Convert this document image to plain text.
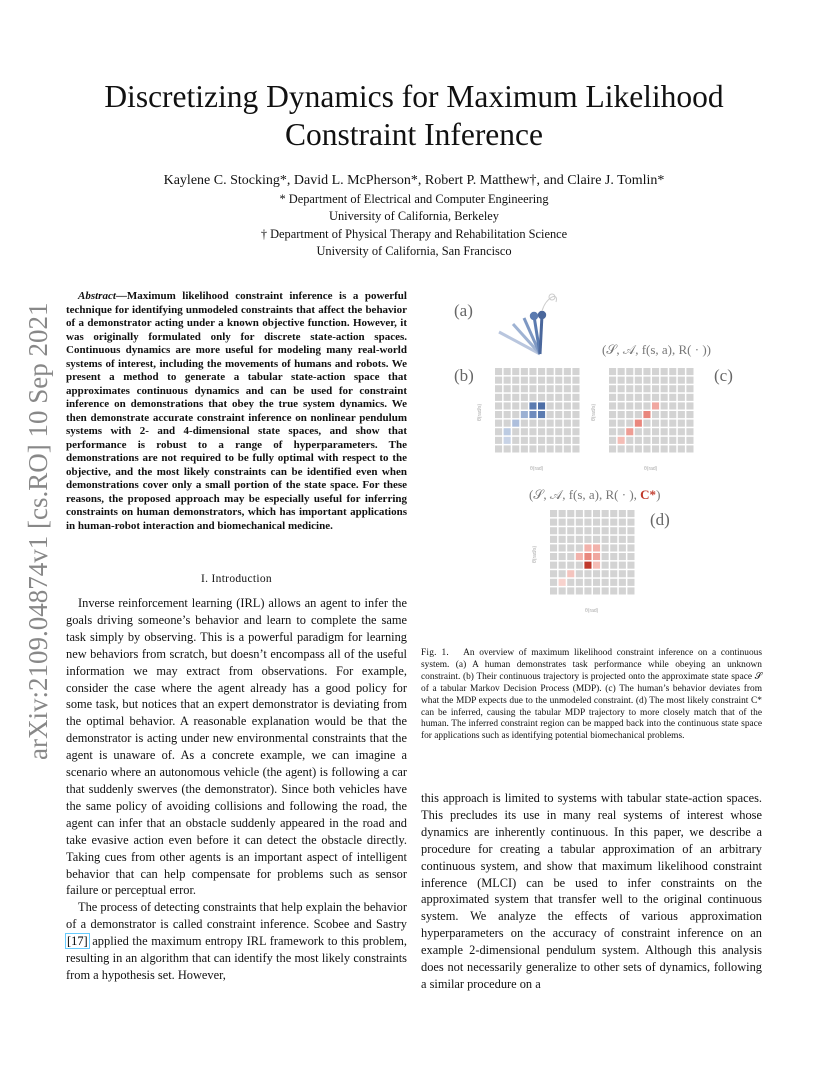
arXiv:2109.04874v1 [cs.RO] 10 Sep 2021
Discretizing Dynamics for Maximum Likelihood
Constraint Inference
Kaylene C. Stocking*, David L. McPherson*, Robert P. Matthew†, and Claire J. Tomlin*
* Department of Electrical and Computer Engineering
University of California, Berkeley
† Department of Physical Therapy and Rehabilitation Science
University of California, San Francisco
Abstract—Maximum likelihood constraint inference is a powerful technique for identifying unmodeled constraints that affect the behavior of a demonstrator acting under a known objective function. However, it was originally formulated only for discrete state-action spaces. Continuous dynamics are more useful for modeling many real-world systems of interest, including the movements of humans and robots. We present a method to generate a tabular state-action space that approximates continuous dynamics and can be used for constraint inference on demonstrations that obey the true system dynamics. We then demonstrate accurate constraint inference on nonlinear pendulum systems with 2- and 4-dimensional state spaces, and show that performance is robust to a range of hyperparameters. The demonstrations are not required to be fully optimal with respect to the objective, and the most likely constraints can be identified even when demonstrations cover only a small portion of the state space. For these reasons, the proposed approach may be especially useful for inferring constraints on human demonstrators, which has important applications in human-robot interaction and biomechanical medicine.
I. Introduction

Inverse reinforcement learning (IRL) allows an agent to infer the goals driving someone’s behavior and learn to complete the same task simply by observing. This is a powerful paradigm for learning new behaviors from scratch, but doesn’t encompass all of the useful information we may extract from observations. For example, consider the case where the agent already has a good policy for some task, but notices that an expert demonstrator is deviating from the optimal behavior. A reasonable explanation would be that the demonstrator is acting under new environmental constraints that the agent is unaware of. As a concrete example, we can imagine a scenario where an autonomous vehicle (the agent) is following a car that suddenly swerves (the demonstrator). Since both vehicles have the same policy of avoiding collisions and following the road, the agent can infer that an obstacle suddenly appeared in the road and take evasive action even before it can detect the obstacle directly. Taking cues from other agents is an important aspect of intelligent behavior that can help compensate for problems such as sensor failure or perceptual error.

The process of detecting constraints that help explain the behavior of a demonstrator is called constraint inference. Scobee and Sastry [17] applied the maximum entropy IRL framework to this problem, resulting in an algorithm that can identify the most likely constraints from a hypothesis set. However,

this approach is limited to systems with tabular state-action spaces. This precludes its use in many real systems of interest whose dynamics are inherently continuous. In this paper, we describe a procedure for creating a tabular approximation of an arbitrary continuous system, and show that maximum likelihood constraint inference (MLCI) can be used to infer constraints on the approximated system that transfer well to the original continuous system. We analyze the effects of various approximation hyperparameters on the accuracy of constraint inference on an example 2-dimensional pendulum system. Although this analysis does not necessarily generalize to other sets of dynamics, following a similar procedure on a

(a)
(b)	(c)
(d)
(𝒮, 𝒜, f(s, a), R( · ))
(𝒮, 𝒜, f(s, a), R( · ), C*)
θ(rad)
θ̇(rad/s)
θ(rad)
θ̇(rad/s)
θ(rad)
θ̇(rad/s)
Fig. 1. An overview of maximum likelihood constraint inference on a continuous system. (a) A human demonstrates task performance while obeying an unknown constraint. (b) Their continuous trajectory is projected onto the approximate state space 𝒮 of a tabular Markov Decision Process (MDP). (c) The human’s behavior deviates from what the MDP expects due to the unmodeled constraint. (d) The most likely constraint C* can be inferred, causing the tabular MDP trajectory to more closely match that of the human. The inferred constraint region can be mapped back into the continuous state space for applications such as identifying potential biomechanical problems.
